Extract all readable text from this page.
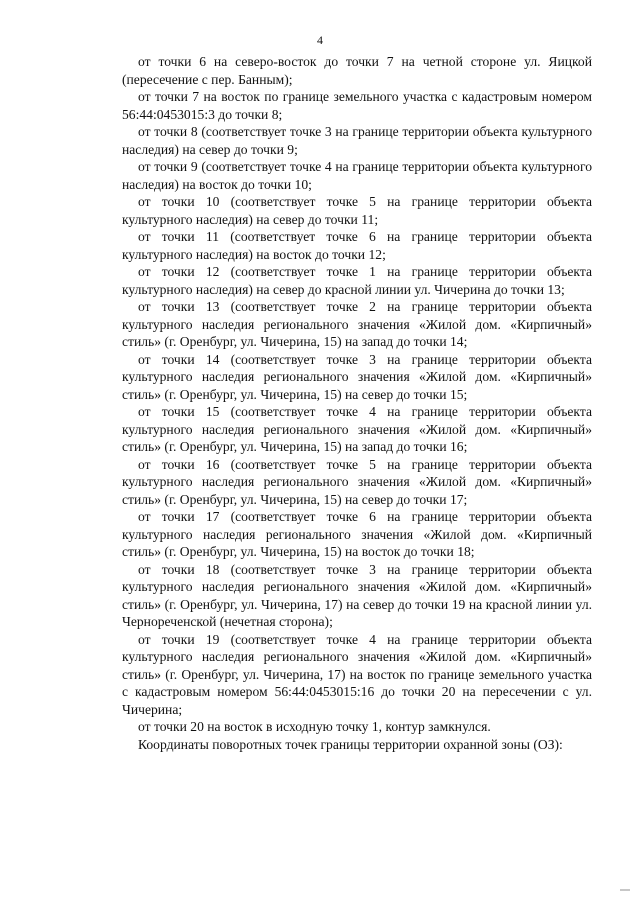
4

от точки 6 на северо-восток до точки 7 на четной стороне ул. Яицкой (пересечение с пер. Банным);

от точки 7 на восток по границе земельного участка с кадастровым номером 56:44:0453015:3 до точки 8;

от точки 8 (соответствует точке 3 на границе территории объекта культурного наследия) на север до точки 9;

от точки 9 (соответствует точке 4 на границе территории объекта культурного наследия) на восток до точки 10;

от точки 10 (соответствует точке 5 на границе территории объекта культурного наследия) на север до точки 11;

от точки 11 (соответствует точке 6 на границе территории объекта культурного наследия) на восток до точки 12;

от точки 12 (соответствует точке 1 на границе территории объекта культурного наследия) на север до красной линии ул. Чичерина до точки 13;

от точки 13 (соответствует точке 2 на границе территории объекта культурного наследия регионального значения «Жилой дом. «Кирпичный» стиль» (г. Оренбург, ул. Чичерина, 15) на запад до точки 14;

от точки 14 (соответствует точке 3 на границе территории объекта культурного наследия регионального значения «Жилой дом. «Кирпичный» стиль» (г. Оренбург, ул. Чичерина, 15) на север до точки 15;

от точки 15 (соответствует точке 4 на границе территории объекта культурного наследия регионального значения «Жилой дом. «Кирпичный» стиль» (г. Оренбург, ул. Чичерина, 15) на запад до точки 16;

от точки 16 (соответствует точке 5 на границе территории объекта культурного наследия регионального значения «Жилой дом. «Кирпичный» стиль» (г. Оренбург, ул. Чичерина, 15) на север до точки 17;

от точки 17 (соответствует точке 6 на границе территории объекта культурного наследия регионального значения «Жилой дом. «Кирпичный стиль» (г. Оренбург, ул. Чичерина, 15) на восток до точки 18;

от точки 18 (соответствует точке 3 на границе территории объекта культурного наследия регионального значения «Жилой дом. «Кирпичный» стиль» (г. Оренбург, ул. Чичерина, 17) на север до точки 19 на красной линии ул. Чернореченской (нечетная сторона);

от точки 19 (соответствует точке 4 на границе территории объекта культурного наследия регионального значения «Жилой дом. «Кирпичный» стиль» (г. Оренбург, ул. Чичерина, 17) на восток по границе земельного участка с кадастровым номером 56:44:0453015:16 до точки 20 на пересечении с ул. Чичерина;

от точки 20 на восток в исходную точку 1, контур замкнулся.

Координаты поворотных точек границы территории охранной зоны (ОЗ):
